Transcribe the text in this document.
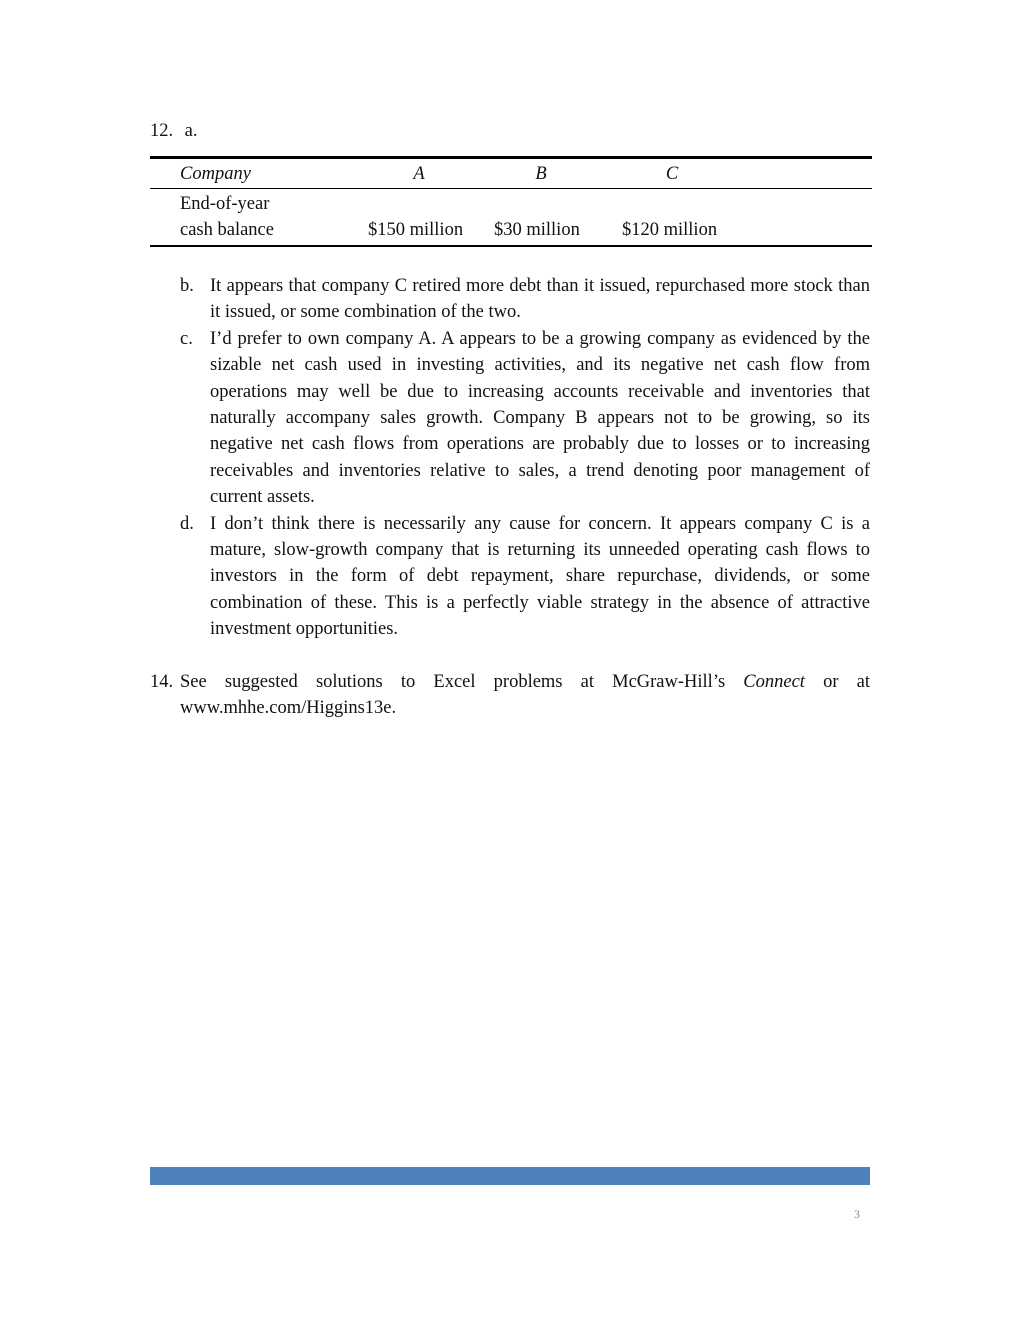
12. a.
Company	A	B	C	

End-of-year
cash balance	$150 million	$30 million	$120 million	
b. It appears that company C retired more debt than it issued, repurchased more stock than it issued, or some combination of the two.
c. I’d prefer to own company A. A appears to be a growing company as evidenced by the sizable net cash used in investing activities, and its negative net cash flow from operations may well be due to increasing accounts receivable and inventories that naturally accompany sales growth. Company B appears not to be growing, so its negative net cash flows from operations are probably due to losses or to increasing receivables and inventories relative to sales, a trend denoting poor management of current assets.
d. I don’t think there is necessarily any cause for concern. It appears company C is a mature, slow-growth company that is returning its unneeded operating cash flows to investors in the form of debt repayment, share repurchase, dividends, or some combination of these. This is a perfectly viable strategy in the absence of attractive investment opportunities.
14. See suggested solutions to Excel problems at McGraw-Hill’s Connect or at
www.mhhe.com/Higgins13e.
3
